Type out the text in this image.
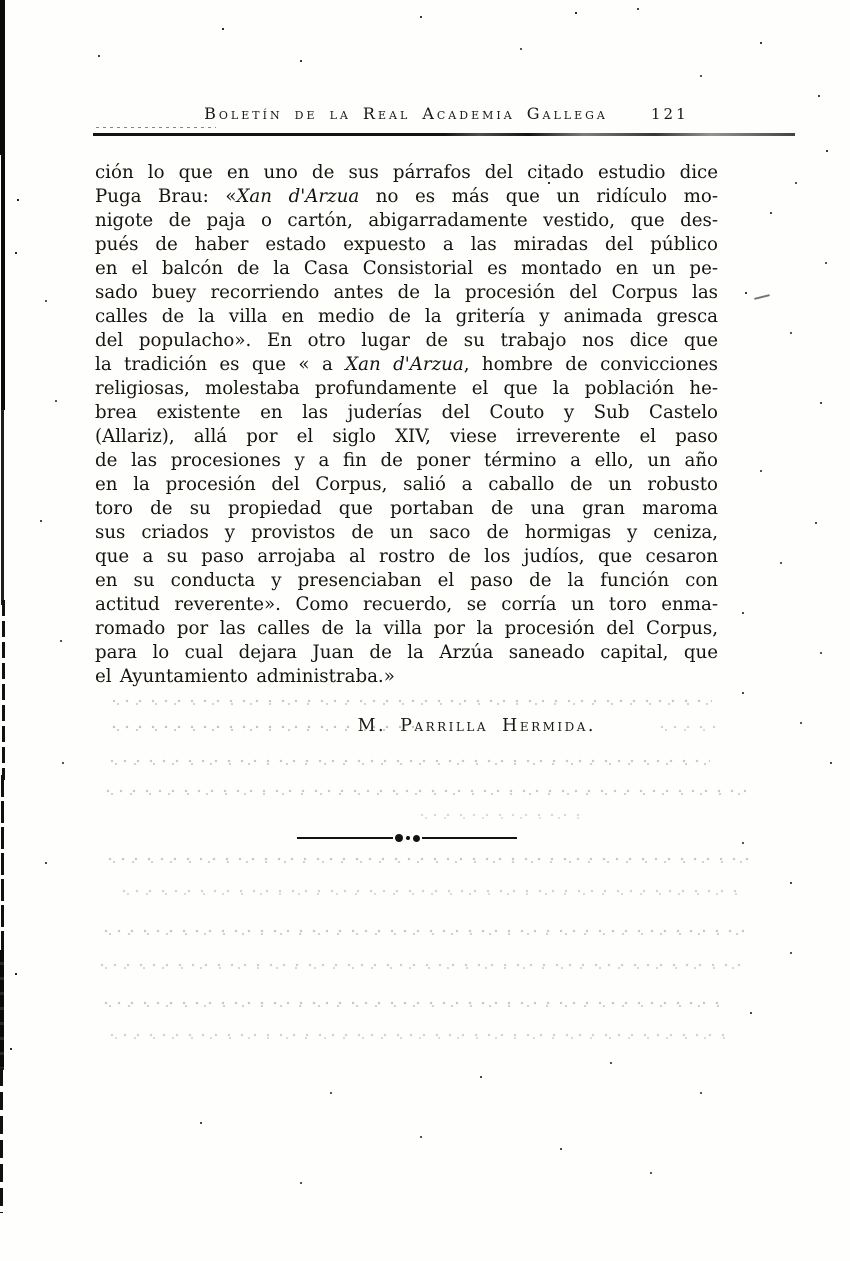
Boletín de la Real Academia Gallega	121
ción lo que en uno de sus párrafos del citado estudio dice
Puga Brau: «Xan d'Arzua no es más que un ridículo mo-
nigote de paja o cartón, abigarradamente vestido, que des-
pués de haber estado expuesto a las miradas del público
en el balcón de la Casa Consistorial es montado en un pe-
sado buey recorriendo antes de la procesión del Corpus las
calles de la villa en medio de la gritería y animada gresca
del populacho». En otro lugar de su trabajo nos dice que
la tradición es que « a Xan d'Arzua, hombre de convicciones
religiosas, molestaba profundamente el que la población he-
brea existente en las juderías del Couto y Sub Castelo
(Allariz), allá por el siglo XIV, viese irreverente el paso
de las procesiones y a fin de poner término a ello, un año
en la procesión del Corpus, salió a caballo de un robusto
toro de su propiedad que portaban de una gran maroma
sus criados y provistos de un saco de hormigas y ceniza,
que a su paso arrojaba al rostro de los judíos, que cesaron
en su conducta y presenciaban el paso de la función con
actitud reverente». Como recuerdo, se corría un toro enma-
romado por las calles de la villa por la procesión del Corpus,
para lo cual dejara Juan de la Arzúa saneado capital, que
el Ayuntamiento administraba.»
M. Parrilla Hermida.
